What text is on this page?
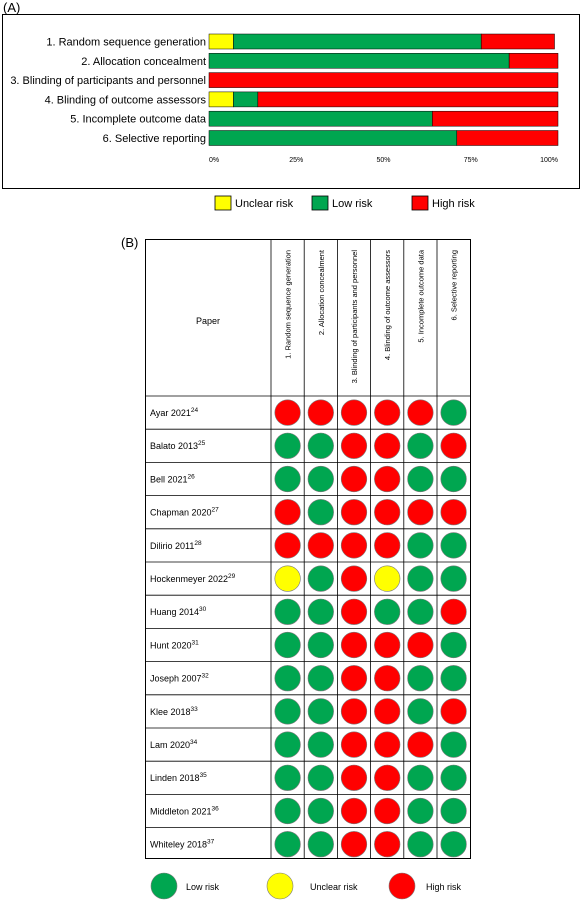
(A)
1. Random sequence generation
2. Allocation concealment
3. Blinding of participants and personnel
4. Blinding of outcome assessors
5. Incomplete outcome data
6. Selective reporting
0%	25%	50%	75%	100%
Unclear risk	Low risk	High risk
(B)
Paper	1. Random sequence generation	2. Allocation concealment	3. Blinding of participants and personnel	4. Blinding of outcome assessors	5. Incomplete outcome data	6. Selective reporting
Ayar 2021$^{24}$
Balato 2013$^{25}$
Bell 2021$^{26}$
Chapman 2020$^{27}$
Dilirio 2011$^{28}$
Hockenmeyer 2022$^{29}$
Huang 2014$^{30}$
Hunt 2020$^{31}$
Joseph 2007$^{32}$
Klee 2018$^{33}$
Lam 2020$^{34}$
Linden 2018$^{35}$
Middleton 2021$^{36}$
Whiteley 2018$^{37}$
Low risk	Unclear risk	High risk
